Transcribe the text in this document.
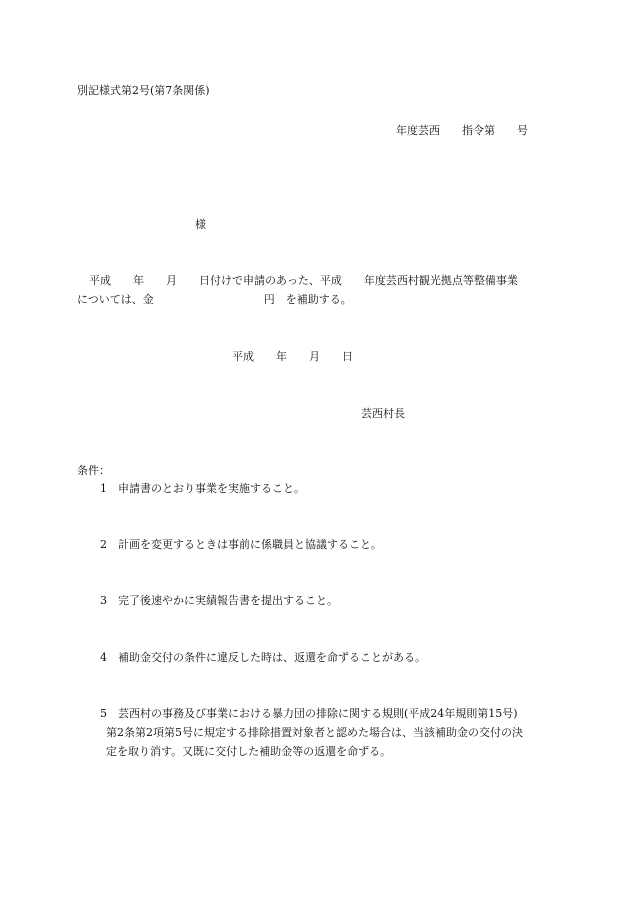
別記様式第2号(第7条関係)
年度芸西　　指令第　　号
様
平成　　年　　月　　日付けで申請のあった、平成　　年度芸西村観光拠点等整備事業
については、金　　　　　　　　　　円　を補助する。
平成　　年　　月　　日
芸西村長
条件：
1 申請書のとおり事業を実施すること。
2 計画を変更するときは事前に係職員と協議すること。
3 完了後速やかに実績報告書を提出すること。
4 補助金交付の条件に違反した時は、返還を命ずることがある。
5 芸西村の事務及び事業における暴力団の排除に関する規則(平成24年規則第15号)
第2条第2項第5号に規定する排除措置対象者と認めた場合は、当該補助金の交付の決
定を取り消す。又既に交付した補助金等の返還を命ずる。
